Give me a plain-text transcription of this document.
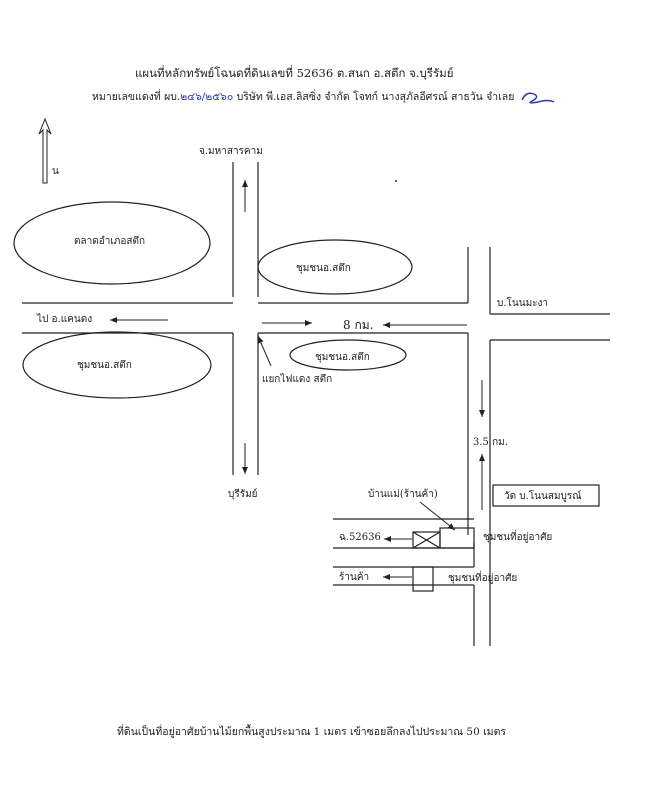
แผนที่หลักทรัพย์โฉนดที่ดินเลขที่ 52636 ต.สนก อ.สตึก จ.บุรีรัมย์
หมายเลขแดงที่ ผบ.๒๔๖/๒๕๖๐ บริษัท พี.เอส.ลิสซิ่ง จำกัด โจทก์ นางสุภัลอีศรณ์ สาธวัน จำเลย
น
จ.มหาสารคาม
ตลาดอำเภอสตึก
ชุมชนอ.สตึก
บ.โนนมะงา
ไป อ.แคนดง	8 กม.
ชุมชนอ.สตึก
ชุมชนอ.สตึก
แยกไฟแดง สตึก
3.5 กม.
บุรีรัมย์	วัด บ.โนนสมบูรณ์
บ้านแม่(ร้านค้า)
ฉ.52636	ชุมชนที่อยู่อาศัย
ร้านค้า	ชุมชนที่อยู่อาศัย
ที่ดินเป็นที่อยู่อาศัยบ้านไม้ยกพื้นสูงประมาณ 1 เมตร เข้าซอยลึกลงไปประมาณ 50 เมตร
